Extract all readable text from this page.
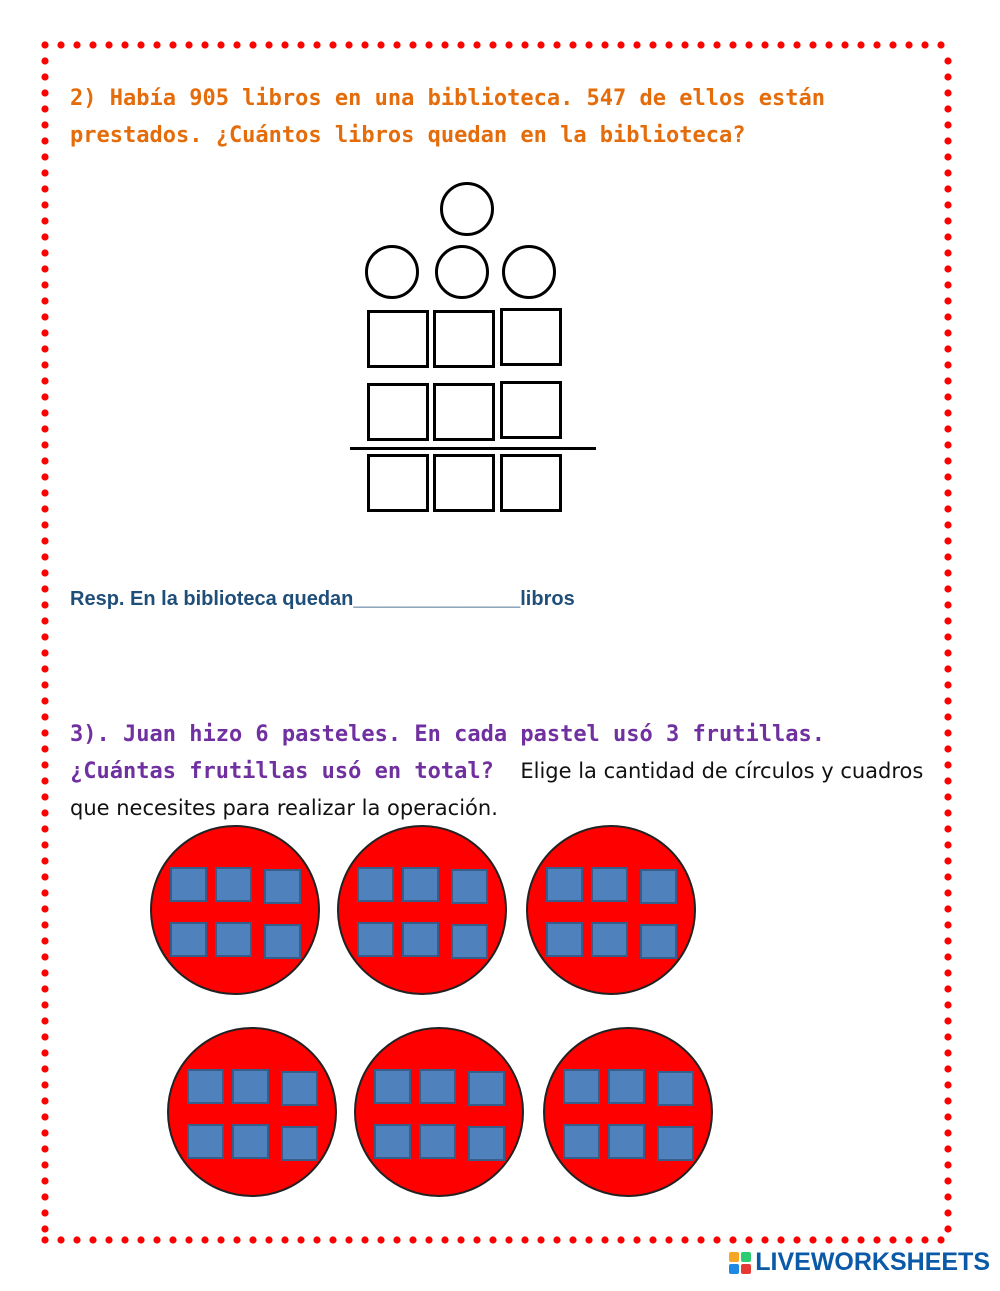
2) Había 905 libros en una biblioteca. 547 de ellos están prestados. ¿Cuántos libros quedan en la biblioteca?

Resp. En la biblioteca quedan_______________libros

3). Juan hizo 6 pasteles. En cada pastel usó 3 frutillas. ¿Cuántas frutillas usó en total? Elige la cantidad de círculos y cuadros que necesites para realizar la operación.

LIVEWORKSHEETS
